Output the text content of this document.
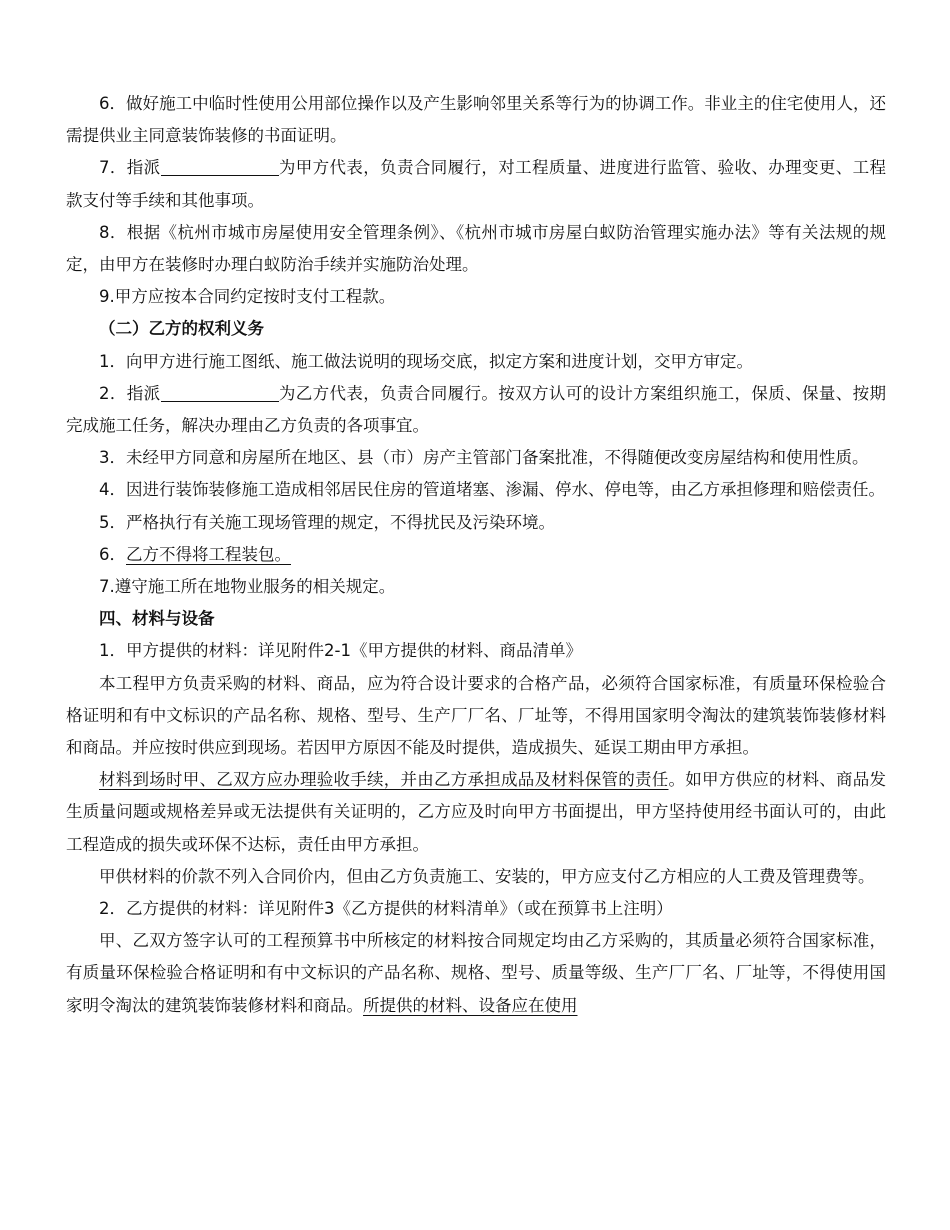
6．做好施工中临时性使用公用部位操作以及产生影响邻里关系等行为的协调工作。非业主的住宅使用人，还需提供业主同意装饰装修的书面证明。

7．指派	为甲方代表，负责合同履行，对工程质量、进度进行监管、验收、办理变更、工程款支付等手续和其他事项。

8．根据《杭州市城市房屋使用安全管理条例》、《杭州市城市房屋白蚁防治管理实施办法》等有关法规的规定，由甲方在装修时办理白蚁防治手续并实施防治处理。

9.甲方应按本合同约定按时支付工程款。

（二）乙方的权利义务

1．向甲方进行施工图纸、施工做法说明的现场交底，拟定方案和进度计划，交甲方审定。

2．指派	为乙方代表，负责合同履行。按双方认可的设计方案组织施工，保质、保量、按期完成施工任务，解决办理由乙方负责的各项事宜。

3．未经甲方同意和房屋所在地区、县（市）房产主管部门备案批准，不得随便改变房屋结构和使用性质。

4．因进行装饰装修施工造成相邻居民住房的管道堵塞、渗漏、停水、停电等，由乙方承担修理和赔偿责任。

5．严格执行有关施工现场管理的规定，不得扰民及污染环境。

6．乙方不得将工程装包。

7.遵守施工所在地物业服务的相关规定。

四、材料与设备

1．甲方提供的材料：详见附件2-1《甲方提供的材料、商品清单》

本工程甲方负责采购的材料、商品，应为符合设计要求的合格产品，必须符合国家标准，有质量环保检验合格证明和有中文标识的产品名称、规格、型号、生产厂厂名、厂址等，不得用国家明令淘汰的建筑装饰装修材料和商品。并应按时供应到现场。若因甲方原因不能及时提供，造成损失、延误工期由甲方承担。

材料到场时甲、乙双方应办理验收手续，并由乙方承担成品及材料保管的责任。如甲方供应的材料、商品发生质量问题或规格差异或无法提供有关证明的，乙方应及时向甲方书面提出，甲方坚持使用经书面认可的，由此工程造成的损失或环保不达标，责任由甲方承担。

甲供材料的价款不列入合同价内，但由乙方负责施工、安装的，甲方应支付乙方相应的人工费及管理费等。

2．乙方提供的材料：详见附件3《乙方提供的材料清单》（或在预算书上注明）

甲、乙双方签字认可的工程预算书中所核定的材料按合同规定均由乙方采购的，其质量必须符合国家标准，有质量环保检验合格证明和有中文标识的产品名称、规格、型号、质量等级、生产厂厂名、厂址等，不得使用国家明令淘汰的建筑装饰装修材料和商品。所提供的材料、设备应在使用
